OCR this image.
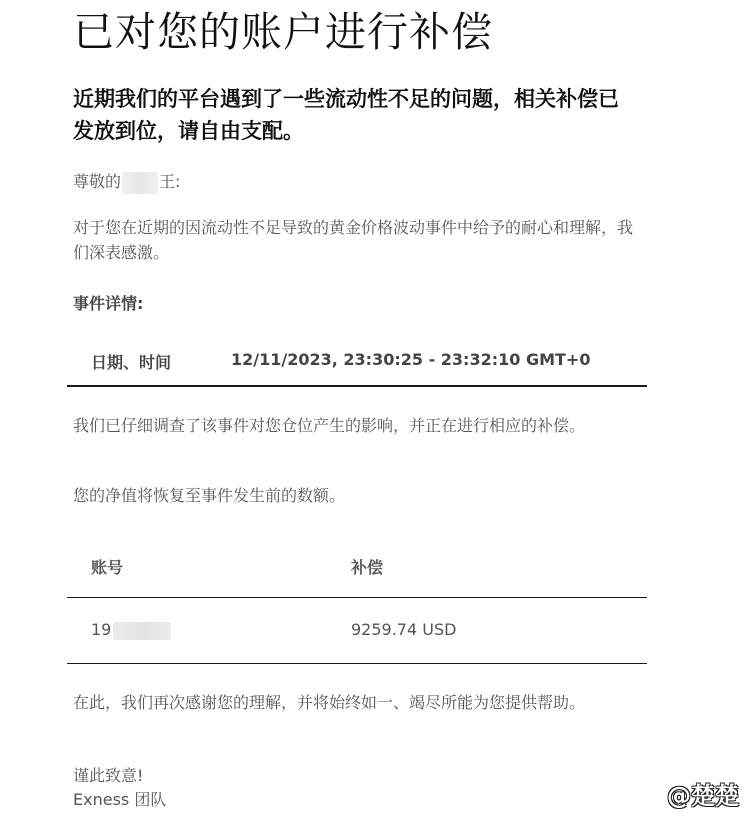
已对您的账户进行补偿

近期我们的平台遇到了一些流动性不足的问题，相关补偿已发放到位，请自由支配。

尊敬的 王:

对于您在近期的因流动性不足导致的黄金价格波动事件中给予的耐心和理解，我们深表感激。

事件详情:

日期、时间	12/11/2023, 23:30:25 - 23:32:10 GMT+0

我们已仔细调查了该事件对您仓位产生的影响，并正在进行相应的补偿。

您的净值将恢复至事件发生前的数额。

账号	补偿
19	9259.74 USD

在此，我们再次感谢您的理解，并将始终如一、竭尽所能为您提供帮助。

谨此致意!
Exness 团队	@楚楚
